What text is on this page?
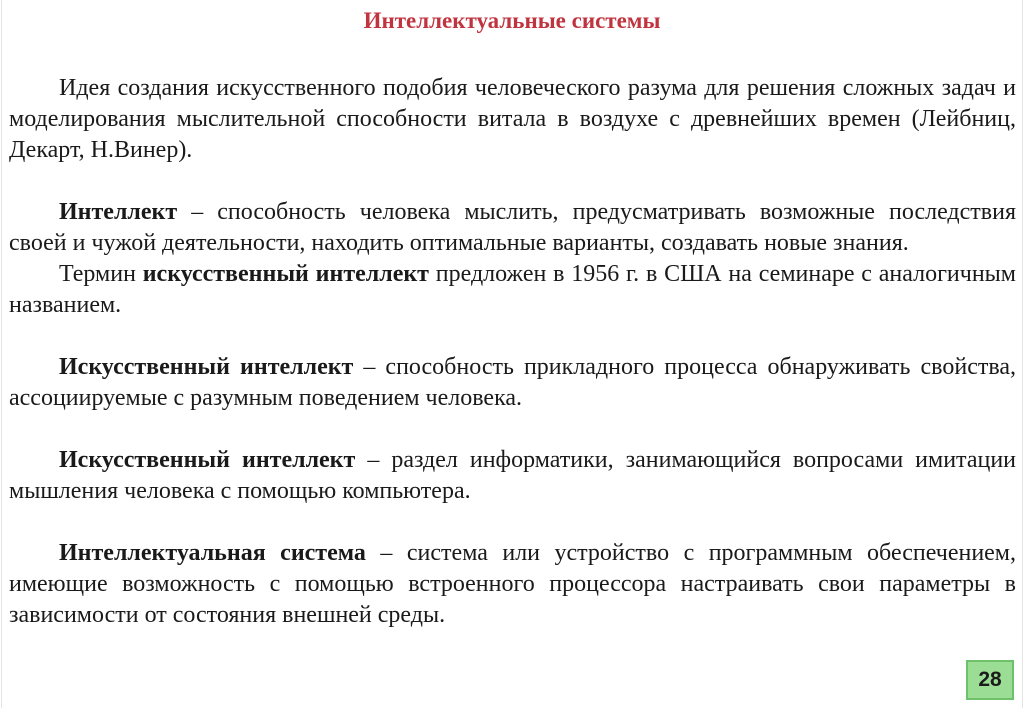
Интеллектуальные системы

Идея создания искусственного подобия человеческого разума для решения сложных задач и моделирования мыслительной способности витала в воздухе с древнейших времен (Лейбниц, Декарт, Н.Винер).

Интеллект – способность человека мыслить, предусматривать возможные последствия своей и чужой деятельности, находить оптимальные варианты, создавать новые знания.

Термин искусственный интеллект предложен в 1956 г. в США на семинаре с аналогичным названием.

Искусственный интеллект – способность прикладного процесса обнаруживать свойства, ассоциируемые с разумным поведением человека.

Искусственный интеллект – раздел информатики, занимающийся вопросами имитации мышления человека с помощью компьютера.

Интеллектуальная система – система или устройство с программным обеспечением, имеющие возможность с помощью встроенного процессора настраивать свои параметры в зависимости от состояния внешней среды.

28
